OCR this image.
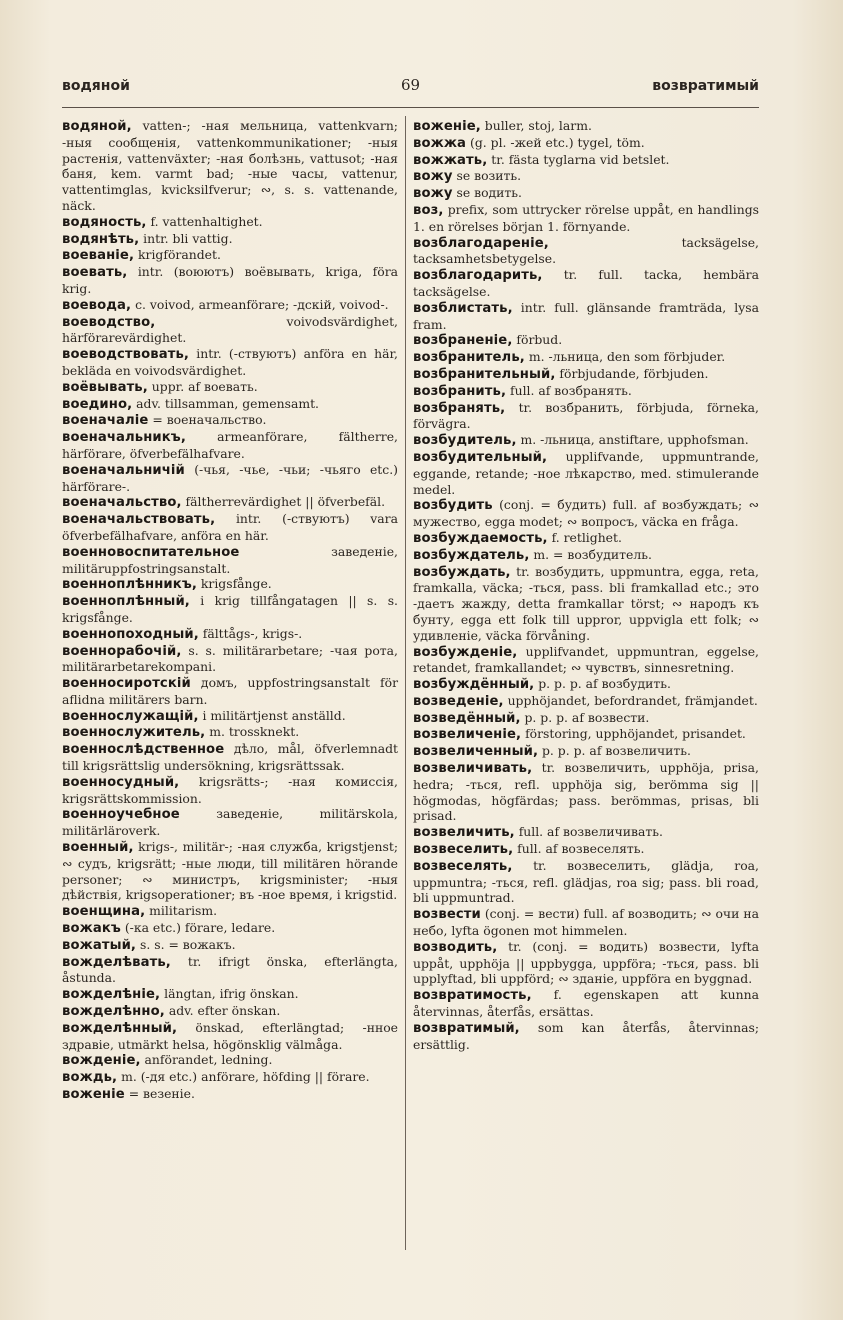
водяной	69	возвратимый
водяной, vatten-; -ная мельница, vattenkvarn; -ныя сообщенія, vattenkommunikationer; -ныя растенія, vattenväxter; -ная болѣзнь, vattusot; -ная баня, kem. varmt bad; -ные часы, vattenur, vattentimglas, kvicksilfverur; ∾, s. s. vattenande, näck.
водяность, f. vattenhaltighet.
водянѣть, intr. bli vattig.
воеванiе, krigförandet.
воевать, intr. (воюютъ) воёвывать, kriga, föra krig.
воевода, c. voivod, armeanförare; -дскій, voivod-.
воеводство, voivodsvärdighet, härförarevärdighet.
воеводствовать, intr. (-ствуютъ) anföra en här, bekläda en voivodsvärdighet.
воёвывать, uppr. af воевать.
воедино, adv. tillsamman, gemensamt.
военачалiе = военачальство.
военачальникъ, armeanförare, fältherre, härförare, öfverbefälhafvare.
военачальничій (-чья, -чье, -чьи; -чьяго etc.) härförare-.
военачальство, fältherrevärdighet || öfverbefäl.
военачальствовать, intr. (-ствуютъ) vara öfverbefälhafvare, anföra en här.
военновоспитательное заведеніе, militäruppfostringsanstalt.
военноплѣнникъ, krigsfånge.
военноплѣнный, i krig tillfångatagen || s. s. krigsfånge.
военнопоходный, fälttågs-, krigs-.
военнорабочій, s. s. militärarbetare; -чая рота, militärarbetarekompani.
военносиротскій домъ, uppfostringsanstalt för aflidna militärers barn.
военнослужащій, i militärtjenst anställd.
военнослужитель, m. trossknekt.
военнослѣдственное дѣло, mål, öfverlemnadt till krigsrättslig undersökning, krigsrättssak.
военносудный, krigsrätts-; -ная комиссія, krigsrättskommission.
военноучебное заведеніе, militärskola, militärläroverk.
военный, krigs-, militär-; -ная служба, krigstjenst; ∾ судъ, krigsrätt; -ные люди, till militären hörande personer; ∾ министръ, krigsminister; -ныя дѣйствія, krigsoperationer; въ -ное время, i krigstid.
военщина, militarism.
вожакъ (-ка etc.) förare, ledare.
вожатый, s. s. = вожакъ.
вожделѣвать, tr. ifrigt önska, efterlängta, åstunda.
вожделѣніе, längtan, ifrig önskan.
вожделѣнно, adv. efter önskan.
вожделѣнный, önskad, efterlängtad; -нное здравіе, utmärkt helsa, högönsklig välmåga.
вожденiе, anförandet, ledning.
вождь, m. (-дя etc.) anförare, höfding || förare.
воженiе = везеніе.
воженiе, buller, stoj, larm.
вожжа (g. pl. -жей etc.) tygel, töm.
вожжать, tr. fästa tyglarna vid betslet.
вожу se возить.
вожу se водить.
воз, prefix, som uttrycker rörelse uppåt, en handlings 1. en rörelses början 1. förnyande.
возблагодаренiе, tacksägelse, tacksamhetsbetygelse.
возблагодарить, tr. full. tacka, hembära tacksägelse.
возблистать, intr. full. glänsande framträda, lysa fram.
возбраненiе, förbud.
возбранитель, m. -льница, den som förbjuder.
возбранительный, förbjudande, förbjuden.
возбранить, full. af возбранять.
возбранять, tr. возбранить, förbjuda, förneka, förvägra.
возбудитель, m. -льница, anstiftare, upphofsman.
возбудительный, upplifvande, uppmuntrande, eggande, retande; -ное лѣкарство, med. stimulerande medel.
возбудить (conj. = будить) full. af возбуждать; ∾ мужество, egga modet; ∾ вопросъ, väcka en fråga.
возбуждаемость, f. retlighet.
возбуждатель, m. = возбудитель.
возбуждать, tr. возбудить, uppmuntra, egga, reta, framkalla, väcka; -ться, pass. bli framkallad etc.; это -даетъ жажду, detta framkallar törst; ∾ народъ къ бунту, egga ett folk till uppror, uppvigla ett folk; ∾ удивленіе, väcka förvåning.
возбужденiе, upplifvandet, uppmuntran, eggelse, retandet, framkallandet; ∾ чувствъ, sinnesretning.
возбуждённый, p. p. p. af возбудить.
возведенiе, upphöjandet, befordrandet, främjandet.
возведённый, p. p. p. af возвести.
возвеличенiе, förstoring, upphöjandet, prisandet.
возвеличенный, p. p. p. af возвеличить.
возвеличивать, tr. возвеличить, upphöja, prisa, hedra; -ться, refl. upphöja sig, berömma sig || högmodas, högfärdas; pass. berömmas, prisas, bli prisad.
возвеличить, full. af возвеличивать.
возвеселить, full. af возвеселять.
возвеселять, tr. возвеселить, glädja, roa, uppmuntra; -ться, refl. glädjas, roa sig; pass. bli road, bli uppmuntrad.
возвести (conj. = вести) full. af возводить; ∾ очи на небо, lyfta ögonen mot himmelen.
возводить, tr. (conj. = водить) возвести, lyfta uppåt, upphöja || uppbygga, uppföra; -ться, pass. bli upplyftad, bli uppförd; ∾ зданіе, uppföra en byggnad.
возвратимость, f. egenskapen att kunna återvinnas, återfås, ersättas.
возвратимый, som kan återfås, återvinnas; ersättlig.
